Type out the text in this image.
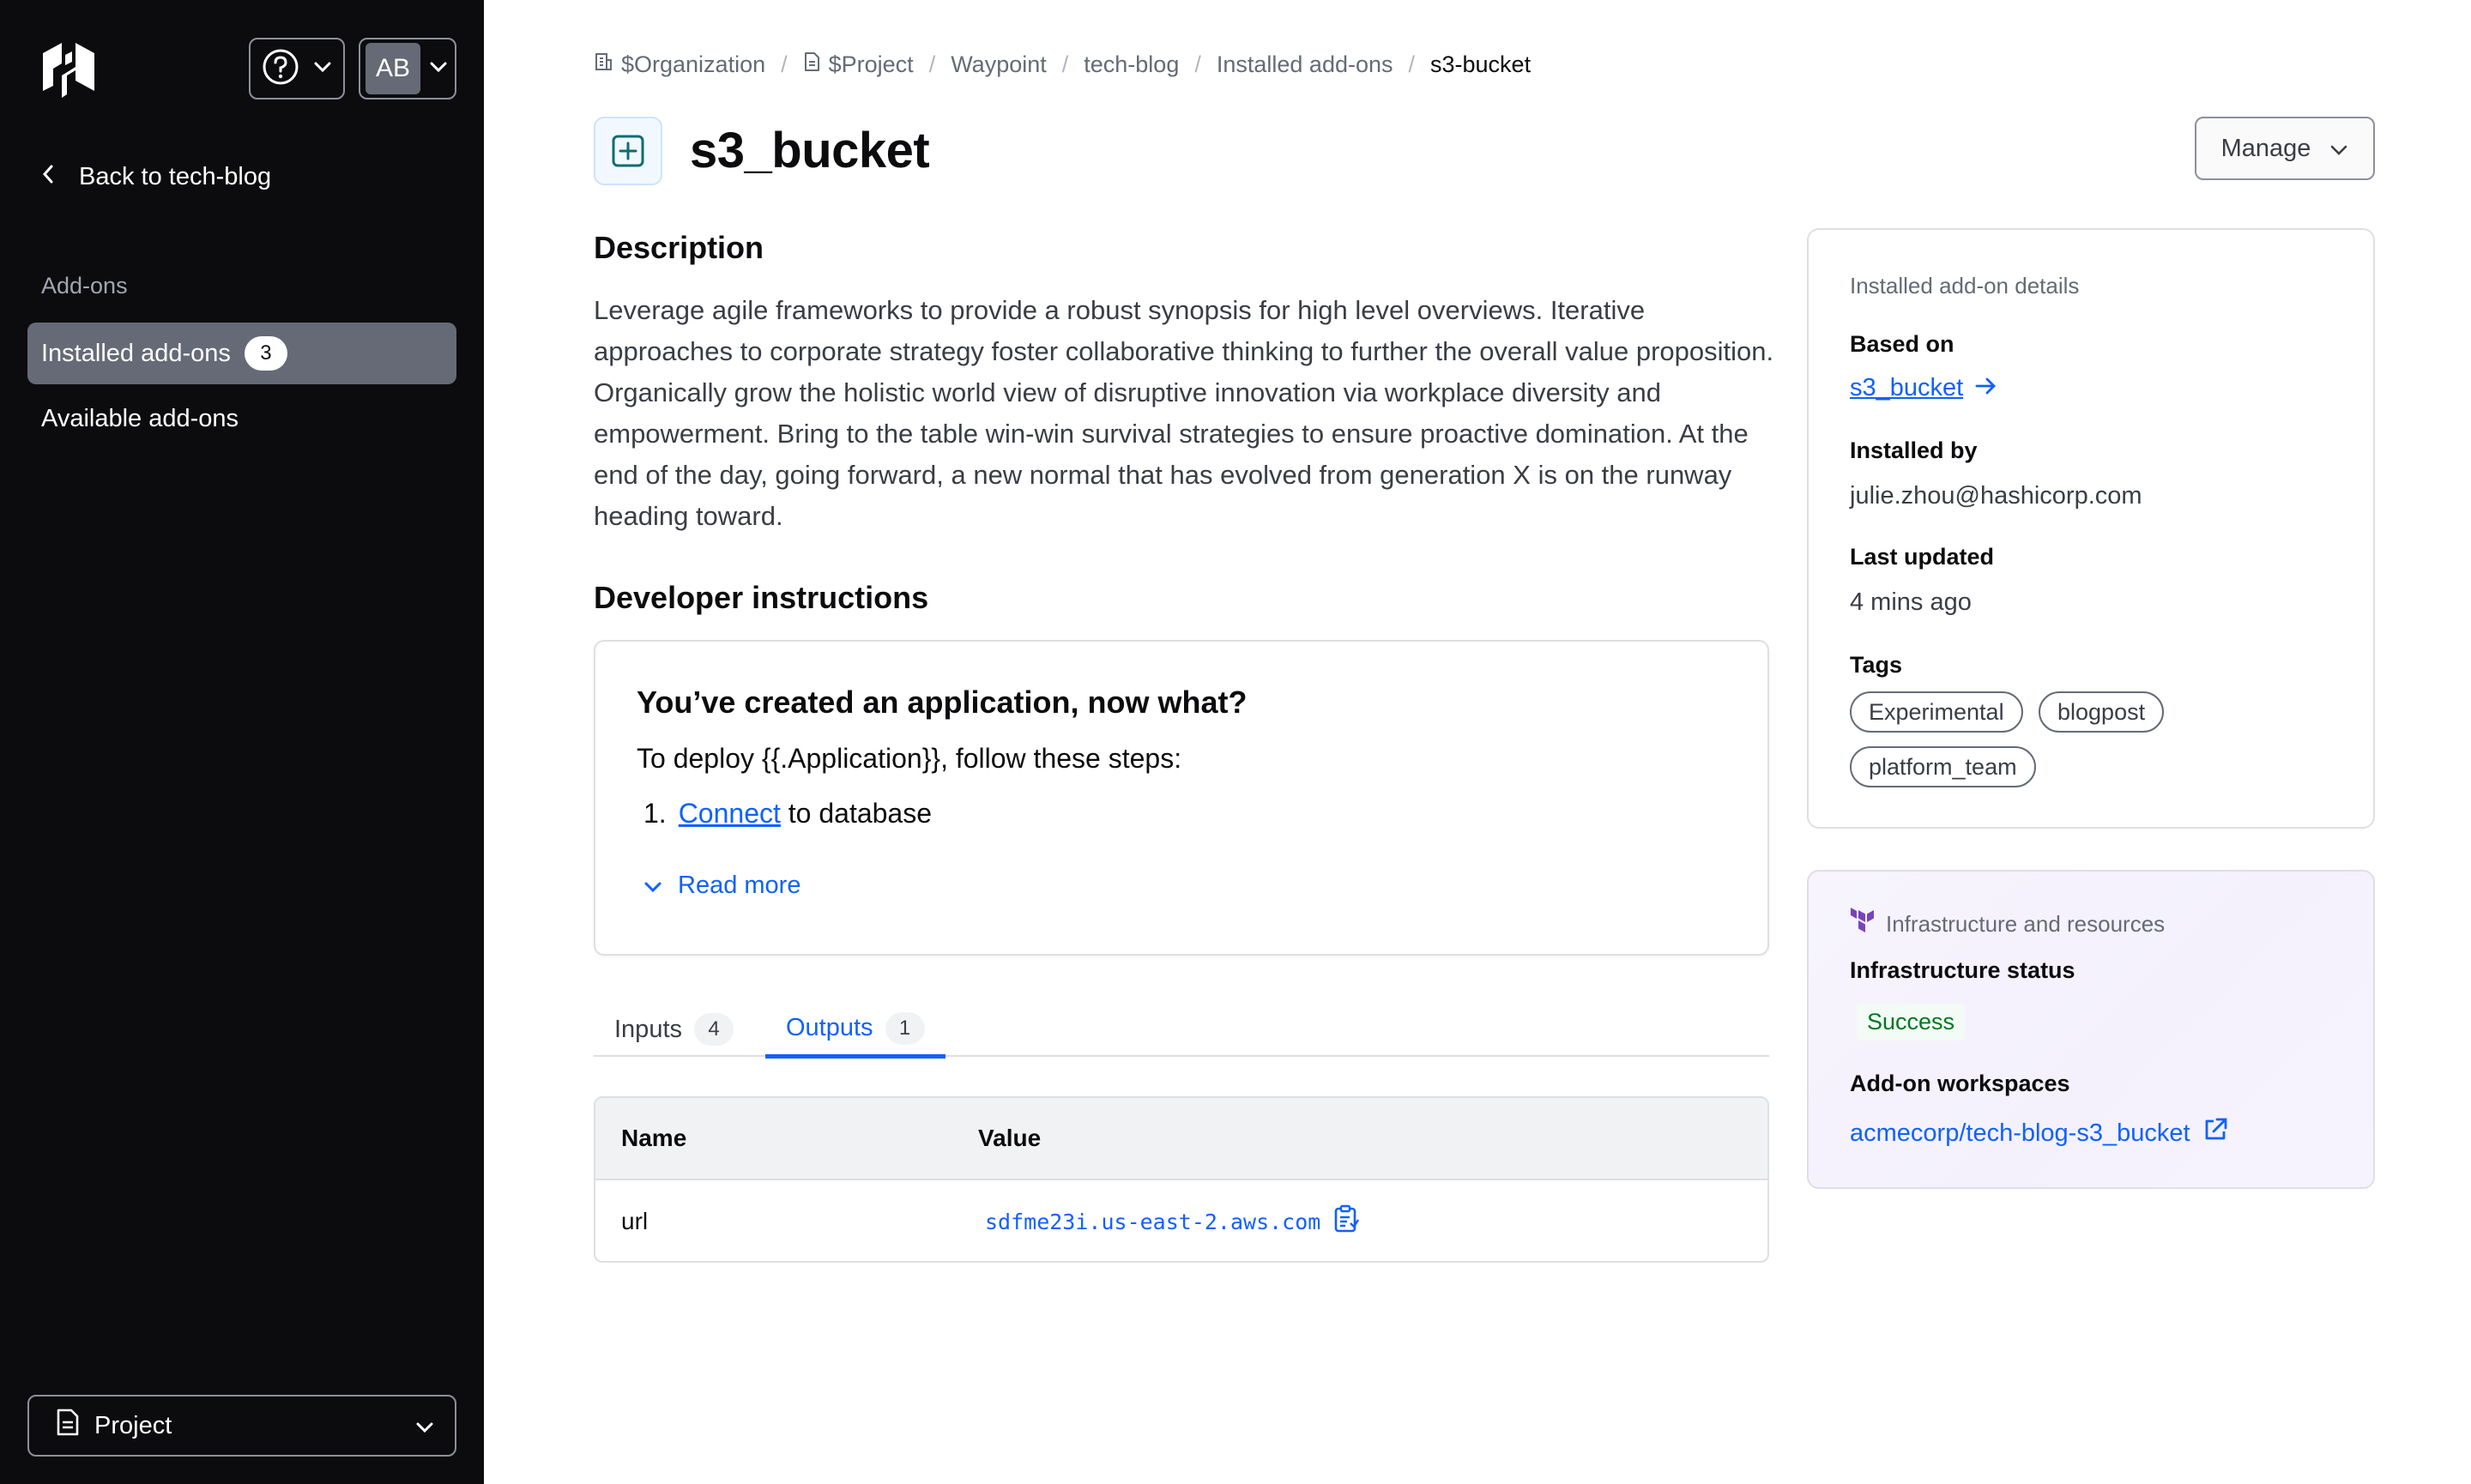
AB
Back to tech-blog
Add-ons
Installed add-ons	3
Available add-ons
Project
$Organization / $Project / Waypoint / tech-blog / Installed add-ons / s3-bucket
s3_bucket	Manage
Description

Leverage agile frameworks to provide a robust synopsis for high level overviews. Iterative approaches to corporate strategy foster collaborative thinking to further the overall value proposition. Organically grow the holistic world view of disruptive innovation via workplace diversity and empowerment. Bring to the table win-win survival strategies to ensure proactive domination. At the end of the day, going forward, a new normal that has evolved from generation X is on the runway heading toward.

Developer instructions
You’ve created an application, now what?
To deploy {{.Application}}, follow these steps:
1. Connect to database
Read more
Inputs	4	Outputs	1
Name	Value
url	sdfme23i.us-east-2.aws.com
Installed add-on details
Based on
s3_bucket
Installed by
julie.zhou@hashicorp.com
Last updated
4 mins ago
Tags
Experimental	blogpost
platform_team
Infrastructure and resources
Infrastructure status
Success
Add-on workspaces
acmecorp/tech-blog-s3_bucket
